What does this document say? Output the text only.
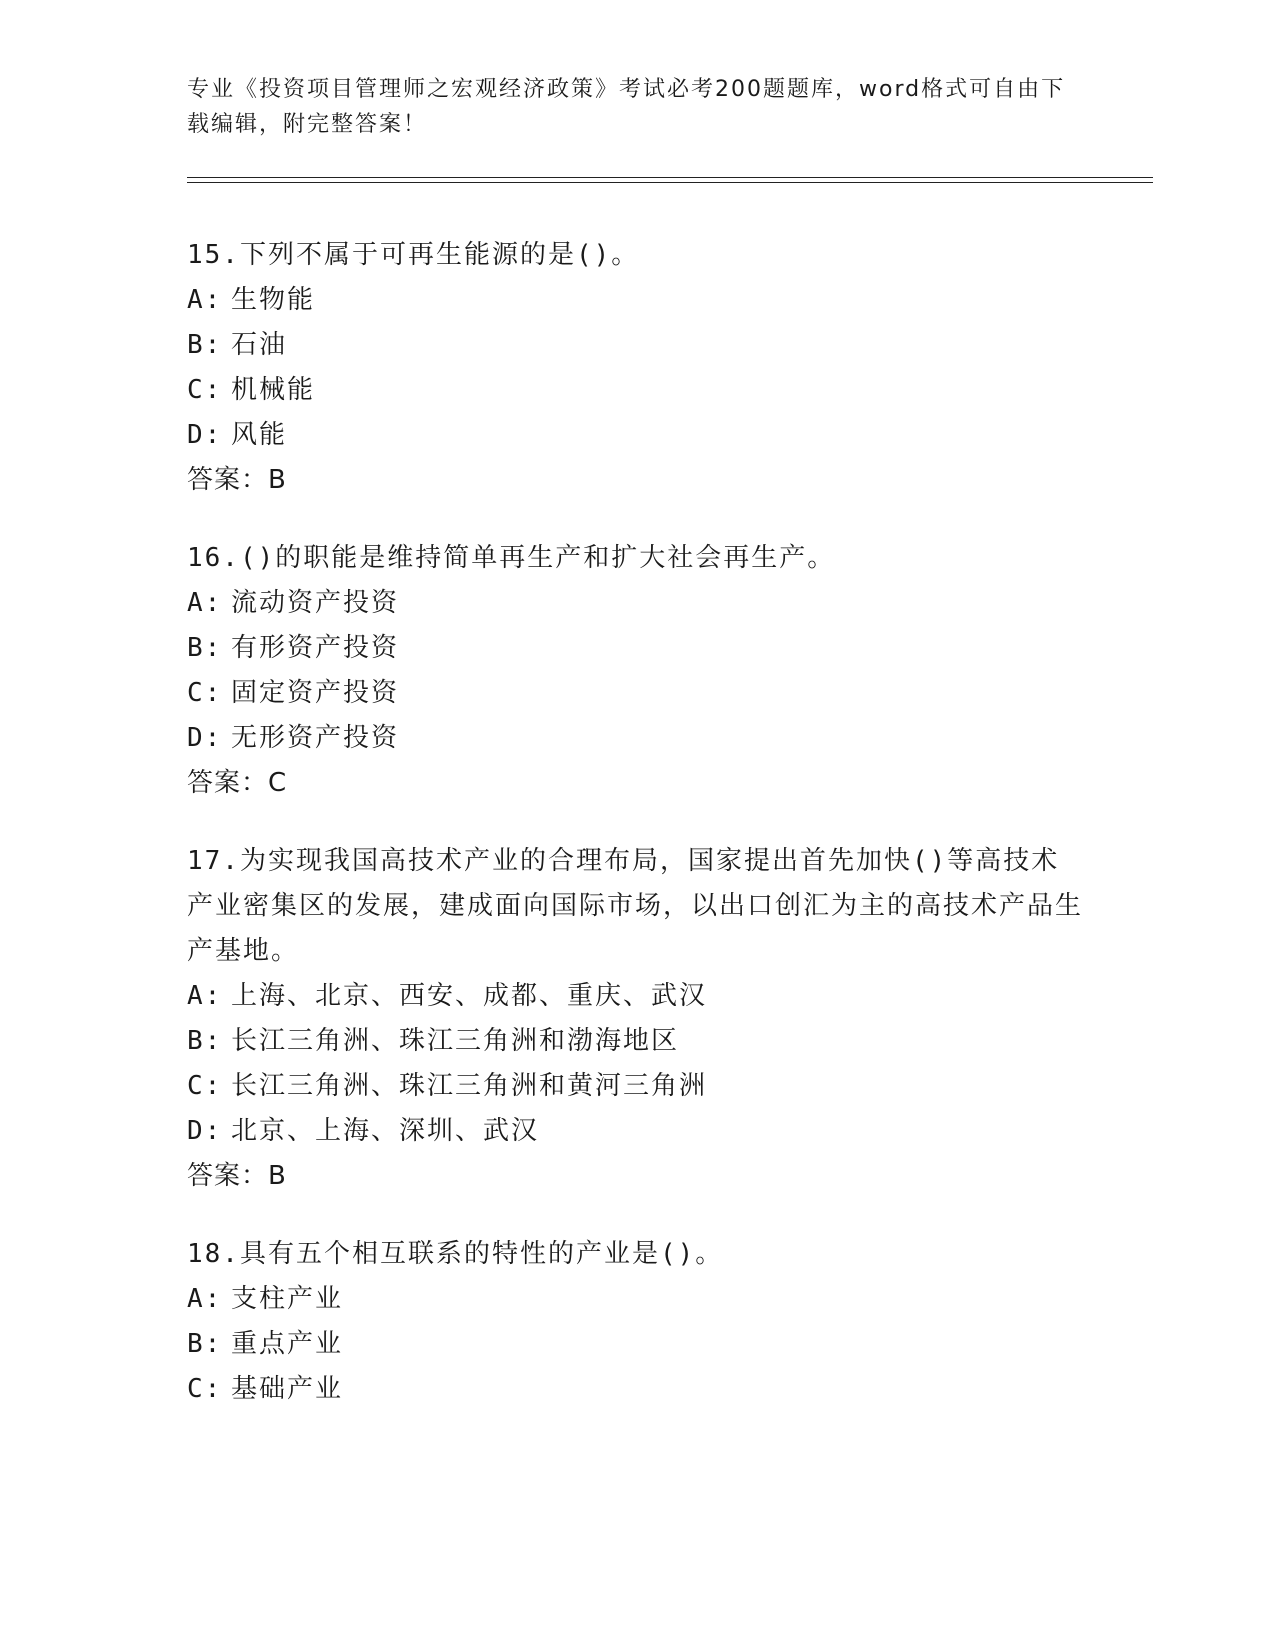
专业《投资项目管理师之宏观经济政策》考试必考200题题库，word格式可自由下载编辑，附完整答案！

15.下列不属于可再生能源的是()。

A: 生物能

B: 石油

C: 机械能

D: 风能

答案：B

16.()的职能是维持简单再生产和扩大社会再生产。

A: 流动资产投资

B: 有形资产投资

C: 固定资产投资

D: 无形资产投资

答案：C

17.为实现我国高技术产业的合理布局，国家提出首先加快()等高技术产业密集区的发展，建成面向国际市场，以出口创汇为主的高技术产品生产基地。

A: 上海、北京、西安、成都、重庆、武汉

B: 长江三角洲、珠江三角洲和渤海地区

C: 长江三角洲、珠江三角洲和黄河三角洲

D: 北京、上海、深圳、武汉

答案：B

18.具有五个相互联系的特性的产业是()。

A: 支柱产业

B: 重点产业

C: 基础产业
